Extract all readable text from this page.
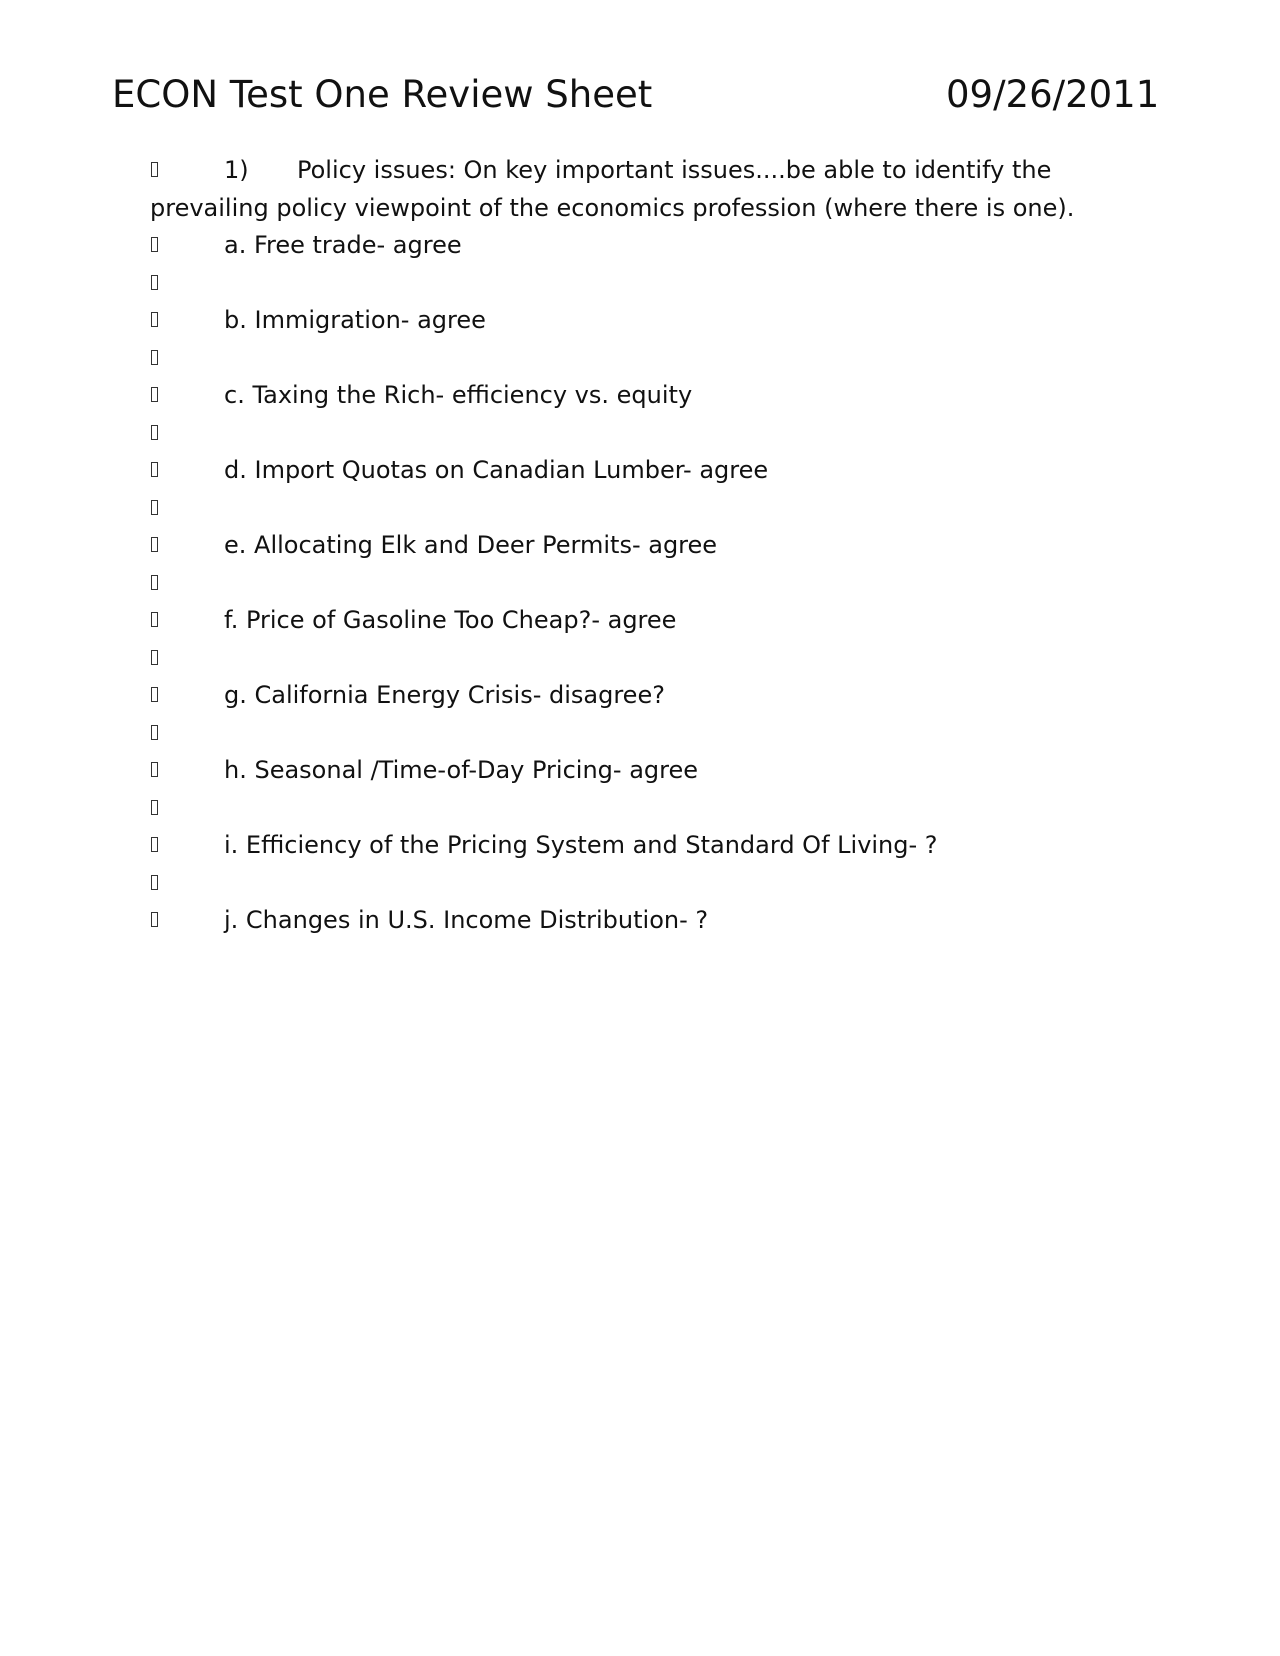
ECON Test One Review Sheet	09/26/2011
1) Policy issues: On key important issues....be able to identify the
prevailing policy viewpoint of the economics profession (where there is one).
a. Free trade- agree
b. Immigration- agree
c. Taxing the Rich- efficiency vs. equity
d. Import Quotas on Canadian Lumber- agree
e. Allocating Elk and Deer Permits- agree
f. Price of Gasoline Too Cheap?- agree
g. California Energy Crisis- disagree?
h. Seasonal /Time-of-Day Pricing- agree
i. Efficiency of the Pricing System and Standard Of Living- ?
j. Changes in U.S. Income Distribution- ?
